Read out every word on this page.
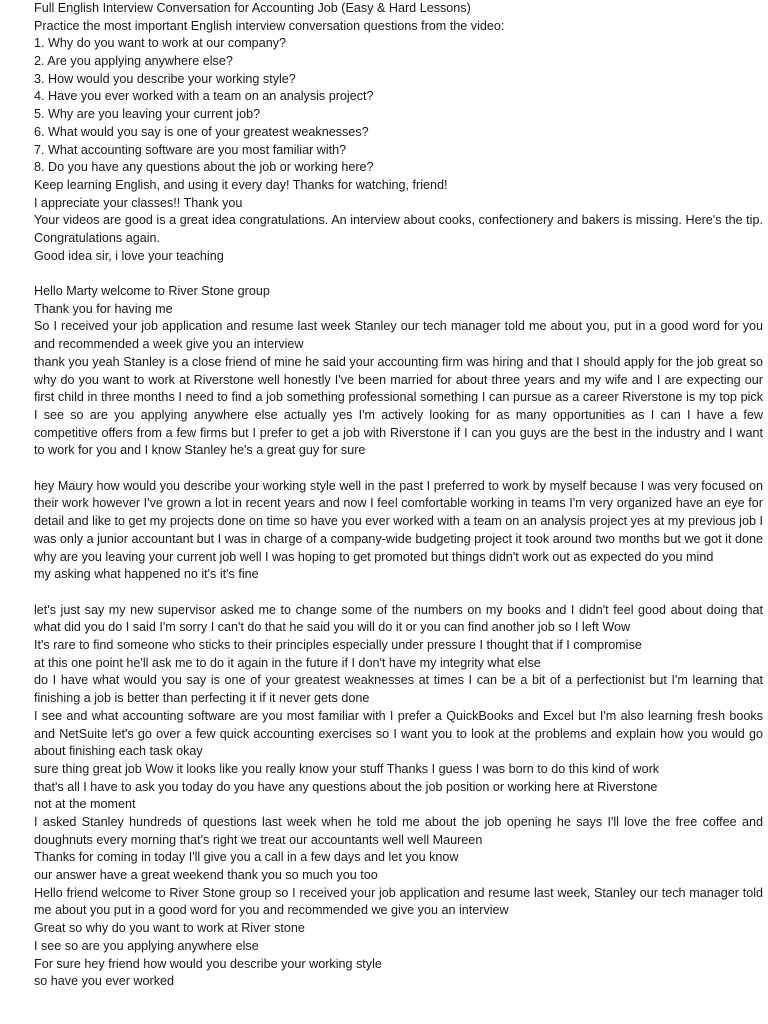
Full English Interview Conversation for Accounting Job (Easy & Hard Lessons)
Practice the most important English interview conversation questions from the video:
1. Why do you want to work at our company?
2. Are you applying anywhere else?
3. How would you describe your working style?
4. Have you ever worked with a team on an analysis project?
5. Why are you leaving your current job?
6. What would you say is one of your greatest weaknesses?
7. What accounting software are you most familiar with?
8. Do you have any questions about the job or working here?
Keep learning English, and using it every day! Thanks for watching, friend!
I appreciate your classes!! Thank you
Your videos are good is a great idea congratulations. An interview about cooks, confectionery and bakers is missing. Here's the tip. Congratulations again.
Good idea sir, i love your teaching
Hello Marty welcome to River Stone group
Thank you for having me
So I received your job application and resume last week Stanley our tech manager told me about you, put in a good word for you and recommended a week give you an interview
thank you yeah Stanley is a close friend of mine he said your accounting firm was hiring and that I should apply for the job great so why do you want to work at Riverstone well honestly I've been married for about three years and my wife and I are expecting our first child in three months I need to find a job something professional something I can pursue as a career Riverstone is my top pick I see so are you applying anywhere else actually yes I'm actively looking for as many opportunities as I can I have a few competitive offers from a few firms but I prefer to get a job with Riverstone if I can you guys are the best in the industry and I want to work for you and I know Stanley he's a great guy for sure
hey Maury how would you describe your working style well in the past I preferred to work by myself because I was very focused on their work however I've grown a lot in recent years and now I feel comfortable working in teams I'm very organized have an eye for detail and like to get my projects done on time so have you ever worked with a team on an analysis project yes at my previous job I was only a junior accountant but I was in charge of a company-wide budgeting project it took around two months but we got it done why are you leaving your current job well I was hoping to get promoted but things didn't work out as expected do you mind
my asking what happened no it's it's fine
let's just say my new supervisor asked me to change some of the numbers on my books and I didn't feel good about doing that what did you do I said I'm sorry I can't do that he said you will do it or you can find another job so I left Wow
It's rare to find someone who sticks to their principles especially under pressure I thought that if I compromise
at this one point he'll ask me to do it again in the future if I don't have my integrity what else
do I have what would you say is one of your greatest weaknesses at times I can be a bit of a perfectionist but I'm learning that finishing a job is better than perfecting it if it never gets done
I see and what accounting software are you most familiar with I prefer a QuickBooks and Excel but I'm also learning fresh books and NetSuite let's go over a few quick accounting exercises so I want you to look at the problems and explain how you would go about finishing each task okay
sure thing great job Wow it looks like you really know your stuff Thanks I guess I was born to do this kind of work
that's all I have to ask you today do you have any questions about the job position or working here at Riverstone
not at the moment
I asked Stanley hundreds of questions last week when he told me about the job opening he says I'll love the free coffee and doughnuts every morning that's right we treat our accountants well well Maureen
Thanks for coming in today I'll give you a call in a few days and let you know
our answer have a great weekend thank you so much you too
Hello friend welcome to River Stone group so I received your job application and resume last week, Stanley our tech manager told me about you put in a good word for you and recommended we give you an interview
Great so why do you want to work at River stone
I see so are you applying anywhere else
For sure hey friend how would you describe your working style
so have you ever worked
